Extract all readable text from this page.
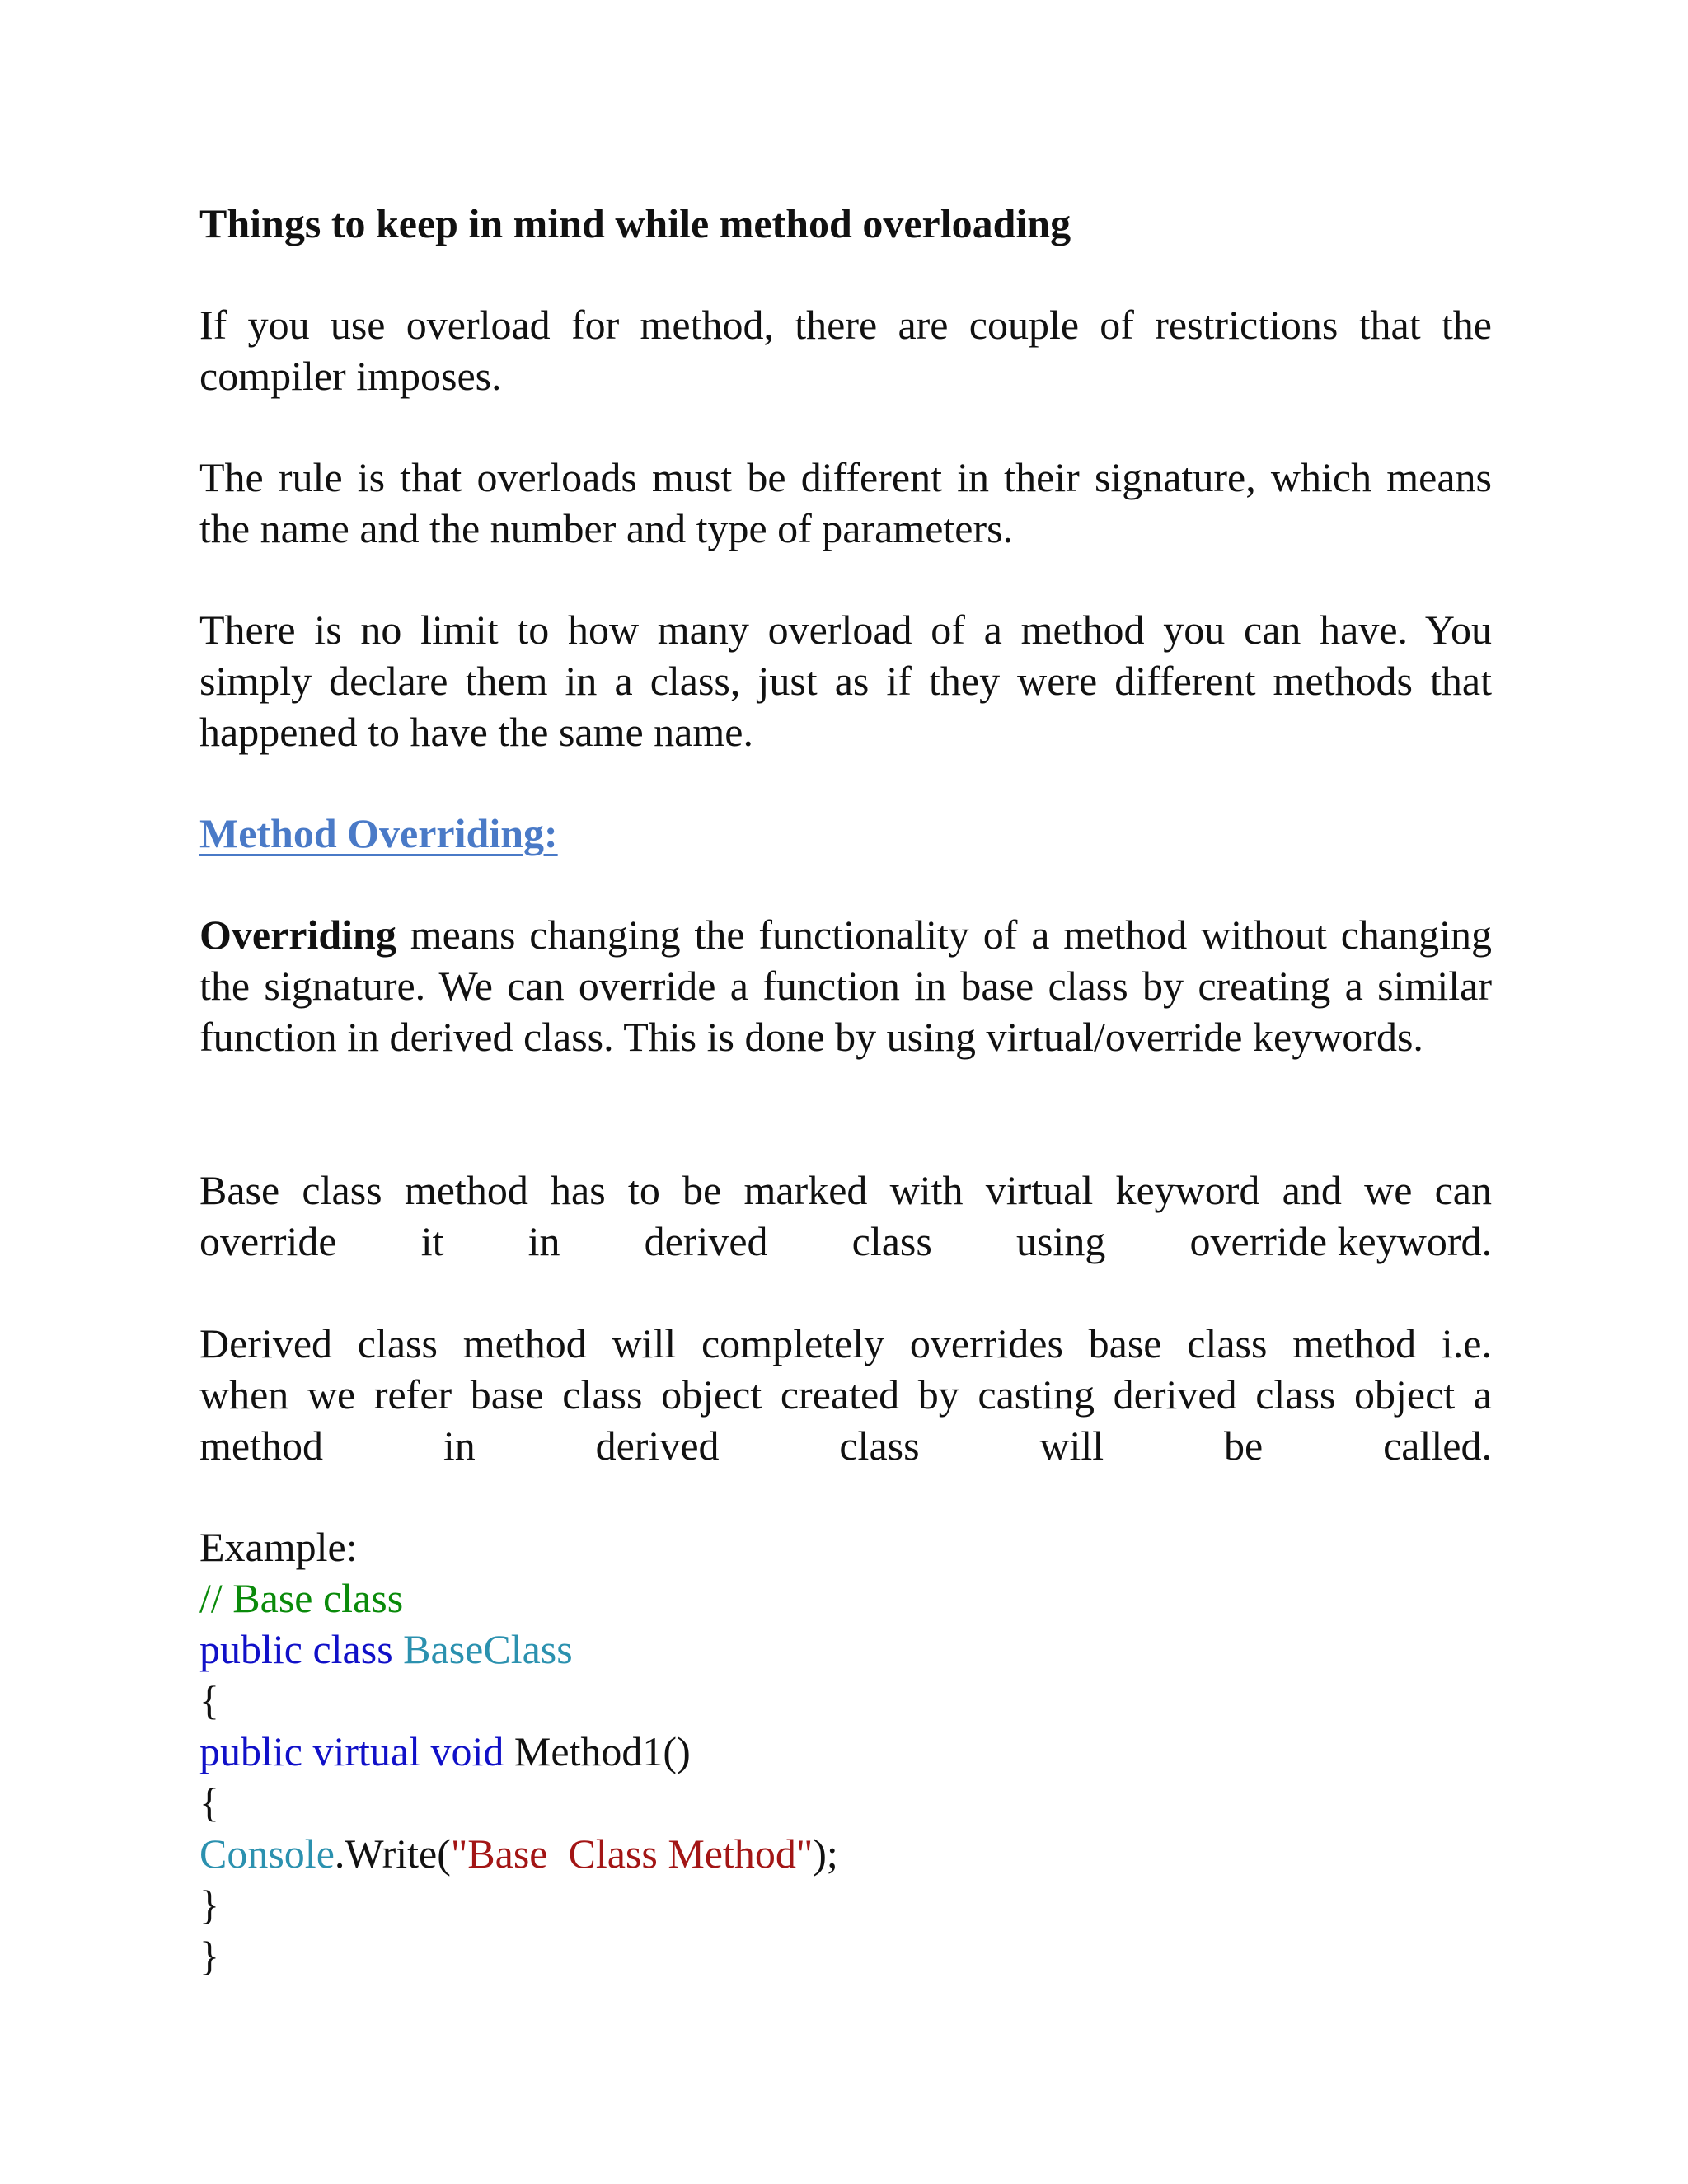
Things to keep in mind while method overloading
If you use overload for method, there are couple of restrictions that the compiler imposes.
The rule is that overloads must be different in their signature, which means the name and the number and type of parameters.
There is no limit to how many overload of a method you can have. You simply declare them in a class, just as if they were different methods that happened to have the same name.
Method Overriding:
Overriding means changing the functionality of a method without changing the signature. We can override a function in base class by creating a similar function in derived class. This is done by using virtual/override keywords.
Base class method has to be marked with virtual keyword and we can
override it in derived class using override keyword.
Derived class method will completely overrides base class method i.e.
when we refer base class object created by casting derived class object a
method	in	derived	class	will	be	called.
Example:
// Base class
public class BaseClass
{
public virtual void Method1()
{
Console.Write("Base  Class Method");
}
}
